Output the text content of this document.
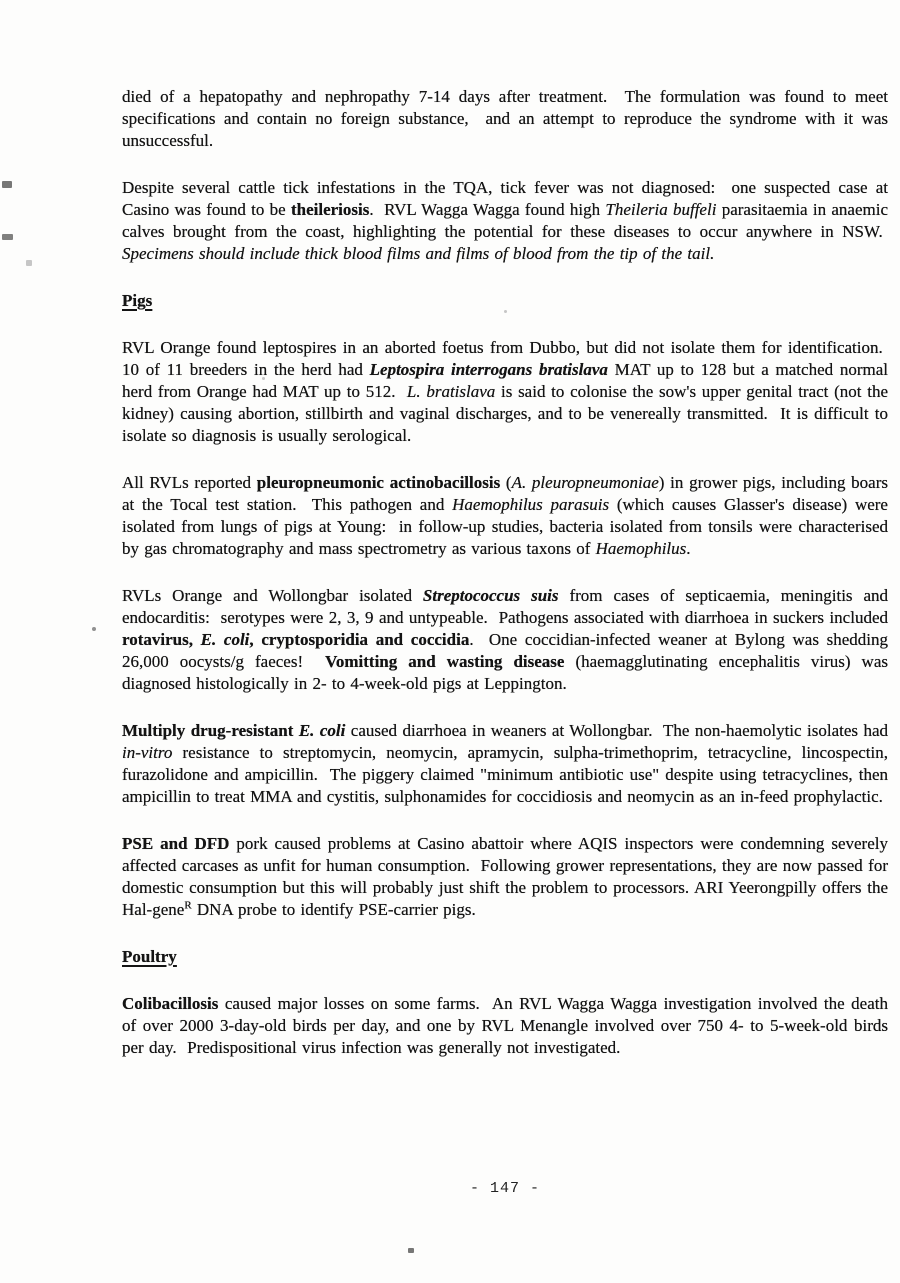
died of a hepatopathy and nephropathy 7-14 days after treatment.  The formulation was found to meet specifications and contain no foreign substance,  and an attempt to reproduce the syndrome with it was unsuccessful.

Despite several cattle tick infestations in the TQA, tick fever was not diagnosed:  one suspected case at Casino was found to be theileriosis.  RVL Wagga Wagga found high Theileria buffeli parasitaemia in anaemic calves brought from the coast, highlighting the potential for these diseases to occur anywhere in NSW.  Specimens should include thick blood films and films of blood from the tip of the tail.

Pigs

RVL Orange found leptospires in an aborted foetus from Dubbo, but did not isolate them for identification.  10 of 11 breeders in the herd had Leptospira interrogans bratislava MAT up to 128 but a matched normal herd from Orange had MAT up to 512.  L. bratislava is said to colonise the sow's upper genital tract (not the kidney) causing abortion, stillbirth and vaginal discharges, and to be venereally transmitted.  It is difficult to isolate so diagnosis is usually serological.

All RVLs reported pleuropneumonic actinobacillosis (A. pleuropneumoniae) in grower pigs, including boars at the Tocal test station.  This pathogen and Haemophilus parasuis (which causes Glasser's disease) were isolated from lungs of pigs at Young:  in follow-up studies, bacteria isolated from tonsils were characterised by gas chromatography and mass spectrometry as various taxons of Haemophilus.

RVLs Orange and Wollongbar isolated Streptococcus suis from cases of septicaemia, meningitis and endocarditis:  serotypes were 2, 3, 9 and untypeable.  Pathogens associated with diarrhoea in suckers included rotavirus, E. coli, cryptosporidia and coccidia.  One coccidian-infected weaner at Bylong was shedding 26,000 oocysts/g faeces!  Vomitting and wasting disease (haemagglutinating encephalitis virus) was diagnosed histologically in 2- to 4-week-old pigs at Leppington.

Multiply drug-resistant E. coli caused diarrhoea in weaners at Wollongbar.  The non-haemolytic isolates had in-vitro resistance to streptomycin, neomycin, apramycin, sulpha-trimethoprim, tetracycline, lincospectin, furazolidone and ampicillin.  The piggery claimed "minimum antibiotic use" despite using tetracyclines, then ampicillin to treat MMA and cystitis, sulphonamides for coccidiosis and neomycin as an in-feed prophylactic.

PSE and DFD pork caused problems at Casino abattoir where AQIS inspectors were condemning severely affected carcases as unfit for human consumption.  Following grower representations, they are now passed for domestic consumption but this will probably just shift the problem to processors. ARI Yeerongpilly offers the Hal-gene$^R$ DNA probe to identify PSE-carrier pigs.

Poultry

Colibacillosis caused major losses on some farms.  An RVL Wagga Wagga investigation involved the death of over 2000 3-day-old birds per day, and one by RVL Menangle involved over 750 4- to 5-week-old birds per day.  Predispositional virus infection was generally not investigated.

- 147 -
